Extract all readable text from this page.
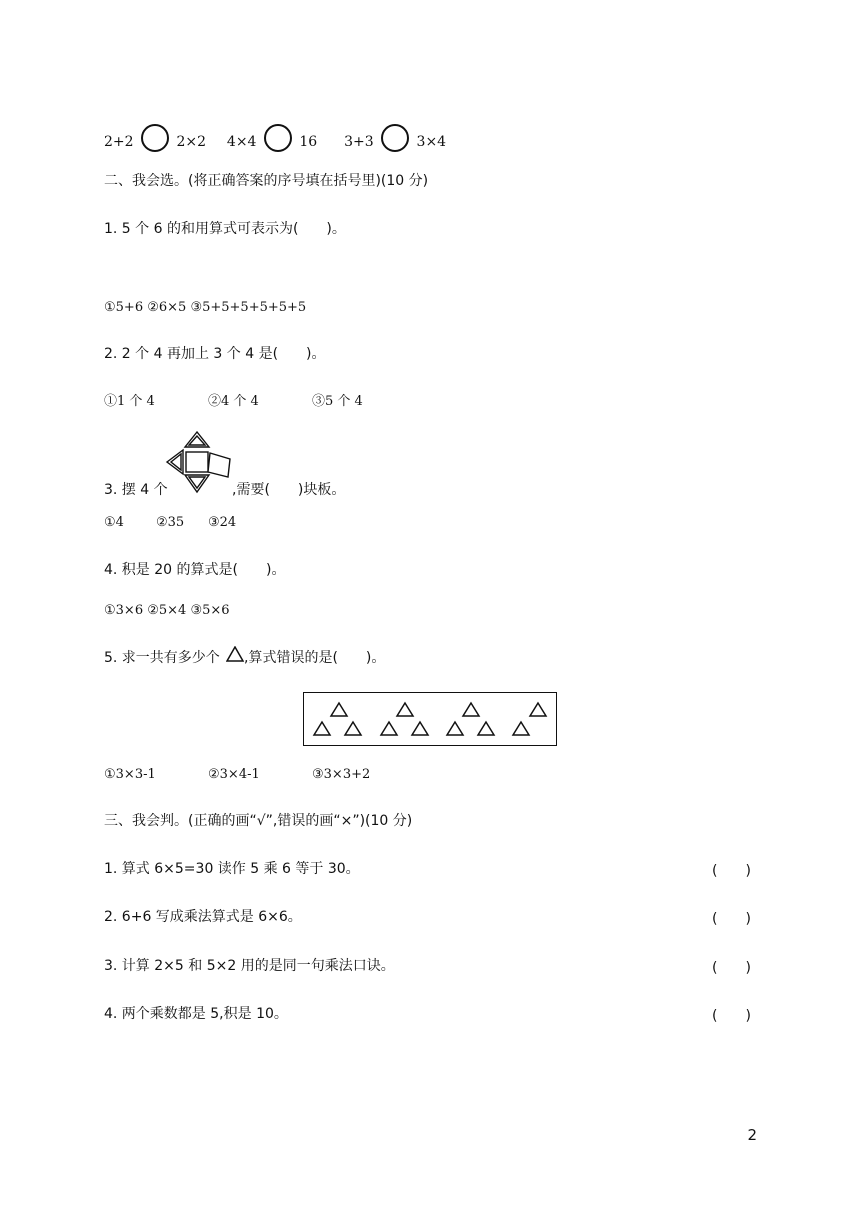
2+2	2×2 4×4	16 3+3	3×4
二、我会选。(将正确答案的序号填在括号里)(10 分)
1. 5 个 6 的和用算式可表示为(　　)。
①5+6 ②6×5 ③5+5+5+5+5+5
2. 2 个 4 再加上 3 个 4 是(　　)。
①1 个 4	②4 个 4	③5 个 4
3. 摆 4 个	,需要(　　)块板。
①4 ②35 ③24
4. 积是 20 的算式是(　　)。
①3×6 ②5×4 ③5×6
5. 求一共有多少个 ,算式错误的是(　　)。
①3×3-1	②3×4-1	③3×3+2
三、我会判。(正确的画“√”,错误的画“×”)(10 分)
1. 算式 6×5=30 读作 5 乘 6 等于 30。	(　　)
2. 6+6 写成乘法算式是 6×6。	(　　)
3. 计算 2×5 和 5×2 用的是同一句乘法口诀。	(　　)
4. 两个乘数都是 5,积是 10。	(　　)
2
